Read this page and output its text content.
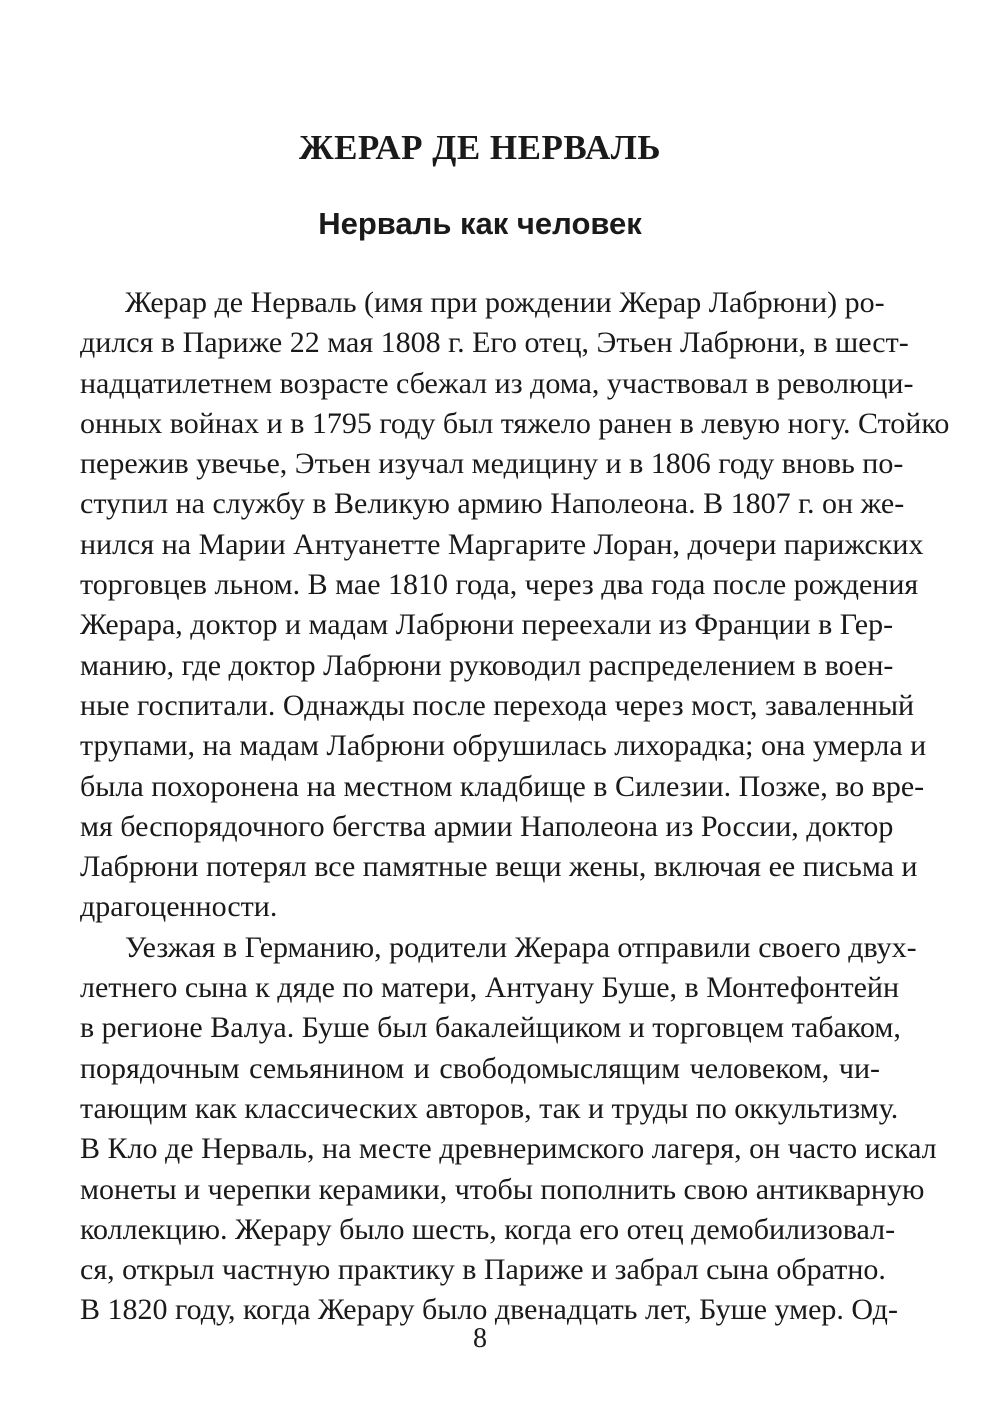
ЖЕРАР ДЕ НЕРВАЛЬ
Нерваль как человек
Жерар де Нерваль (имя при рождении Жерар Лабрюни) ро-
дился в Париже 22 мая 1808 г. Его отец, Этьен Лабрюни, в шест-
надцатилетнем возрасте сбежал из дома, участвовал в революци-
онных войнах и в 1795 году был тяжело ранен в левую ногу. Стойко
пережив увечье, Этьен изучал медицину и в 1806 году вновь по-
ступил на службу в Великую армию Наполеона. В 1807 г. он же-
нился на Марии Антуанетте Маргарите Лоран, дочери парижских
торговцев льном. В мае 1810 года, через два года после рождения
Жерара, доктор и мадам Лабрюни переехали из Франции в Гер-
манию, где доктор Лабрюни руководил распределением в воен-
ные госпитали. Однажды после перехода через мост, заваленный
трупами, на мадам Лабрюни обрушилась лихорадка; она умерла и
была похоронена на местном кладбище в Силезии. Позже, во вре-
мя беспорядочного бегства армии Наполеона из России, доктор
Лабрюни потерял все памятные вещи жены, включая ее письма и
драгоценности.
Уезжая в Германию, родители Жерара отправили своего двух-
летнего сына к дяде по матери, Антуану Буше, в Монтефонтейн
в регионе Валуа. Буше был бакалейщиком и торговцем табаком,
порядочным семьянином и свободомыслящим человеком, чи-
тающим как классических авторов, так и труды по оккультизму.
В Кло де Нерваль, на месте древнеримского лагеря, он часто искал
монеты и черепки керамики, чтобы пополнить свою антикварную
коллекцию. Жерару было шесть, когда его отец демобилизовал-
ся, открыл частную практику в Париже и забрал сына обратно.
В 1820 году, когда Жерару было двенадцать лет, Буше умер. Од-
8
